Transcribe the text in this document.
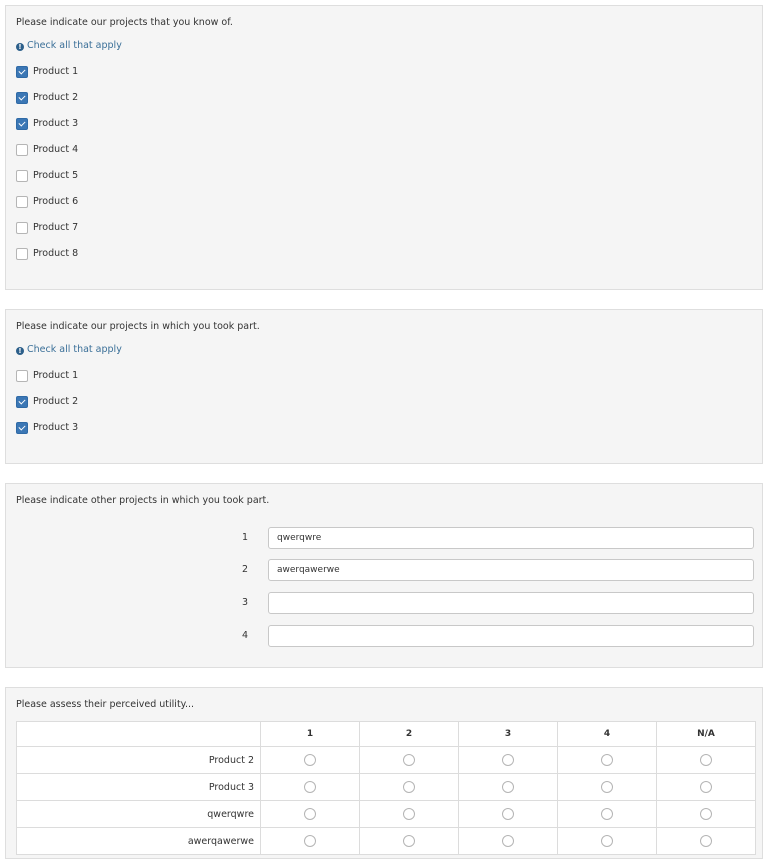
Please indicate our projects that you know of.
! Check all that apply
Product 1
Product 2
Product 3
Product 4
Product 5
Product 6
Product 7
Product 8
Please indicate our projects in which you took part.
! Check all that apply
Product 1
Product 2
Product 3
Please indicate other projects in which you took part.
1	qwerqwre
2	awerqawerwe
3
4
Please assess their perceived utility...
	1	2	3	4	N/A
Product 2					
Product 3					
qwerqwre					
awerqawerwe					
